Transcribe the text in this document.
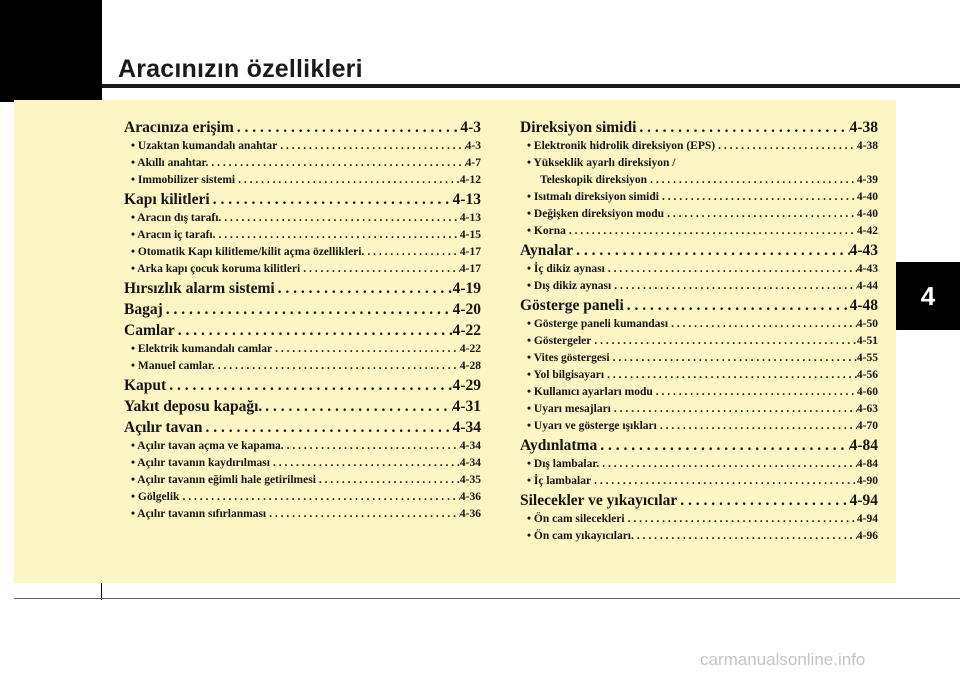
Aracınızın özellikleri
4
carmanualsonline.info
Aracınıza erişim . . .	4-3
• Uzaktan kumandalı anahtar . . .	4-3
• Akıllı anahtar. . . .	4-7
• Immobilizer sistemi . . .	4-12
Kapı kilitleri . . .	4-13
• Aracın dış tarafı. . . .	4-13
• Aracın iç tarafı. . . .	4-15
• Otomatik Kapı kilitleme/kilit açma özellikleri. . . .	4-17
• Arka kapı çocuk koruma kilitleri . . .	4-17
Hırsızlık alarm sistemi . . .	4-19
Bagaj . . .	4-20
Camlar . . .	4-22
• Elektrik kumandalı camlar . . .	4-22
• Manuel camlar. . . .	4-28
Kaput . . .	4-29
Yakıt deposu kapağı. . . .	4-31
Açılır tavan . . .	4-34
• Açılır tavan açma ve kapama. . . .	4-34
• Açılır tavanın kaydırılması . . .	4-34
• Açılır tavanın eğimli hale getirilmesi . . .	4-35
• Gölgelik . . .	4-36
• Açılır tavanın sıfırlanması . . .	4-36
Direksiyon simidi . . .	4-38
• Elektronik hidrolik direksiyon (EPS) . . .	4-38
• Yükseklik ayarlı direksiyon /
Teleskopik direksiyon . . .	4-39
• Isıtmalı direksiyon simidi . . .	4-40
• Değişken direksiyon modu . . .	4-40
• Korna . . .	4-42
Aynalar . . .	4-43
• İç dikiz aynası . . .	4-43
• Dış dikiz aynası . . .	4-44
Gösterge paneli . . .	4-48
• Gösterge paneli kumandası . . .	4-50
• Göstergeler . . .	4-51
• Vites göstergesi . . .	4-55
• Yol bilgisayarı . . .	4-56
• Kullanıcı ayarları modu . . .	4-60
• Uyarı mesajları . . .	4-63
• Uyarı ve gösterge ışıkları . . .	4-70
Aydınlatma . . .	4-84
• Dış lambalar. . . .	4-84
• İç lambalar . . .	4-90
Silecekler ve yıkayıcılar . . .	4-94
• Ön cam silecekleri . . .	4-94
• Ön cam yıkayıcıları. . . .	4-96
